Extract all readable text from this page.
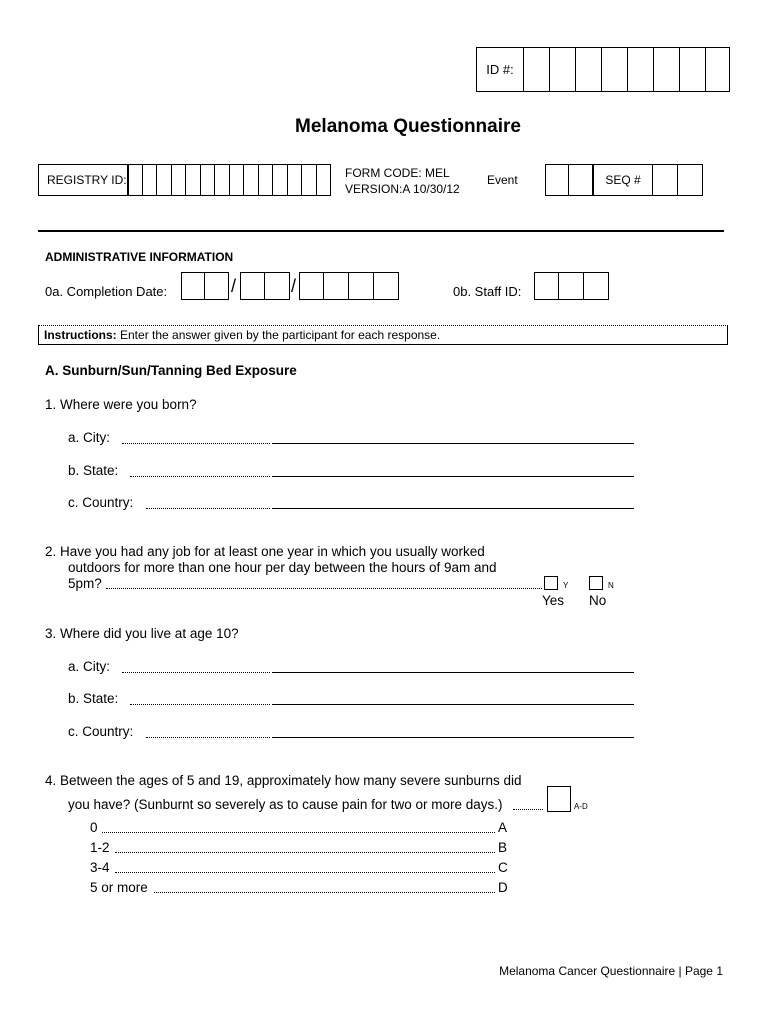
ID #:
Melanoma Questionnaire
REGISTRY ID:	FORM CODE: MEL
VERSION:A 10/30/12
Event	SEQ #
ADMINISTRATIVE INFORMATION
0a. Completion Date:	/	/	0b. Staff ID:
Instructions: Enter the answer given by the participant for each response.
A. Sunburn/Sun/Tanning Bed Exposure
1. Where were you born?
a. City:
b. State:
c. Country:
2. Have you had any job for at least one year in which you usually worked
outdoors for more than one hour per day between the hours of 9am and
5pm?	Y	N
Yes No
3. Where did you live at age 10?
a. City:
b. State:
c. Country:
4. Between the ages of 5 and 19, approximately how many severe sunburns did
you have? (Sunburnt so severely as to cause pain for two or more days.)	A-D
0	A
1-2	B
3-4	C
5 or more	D
Melanoma Cancer Questionnaire | Page 1
